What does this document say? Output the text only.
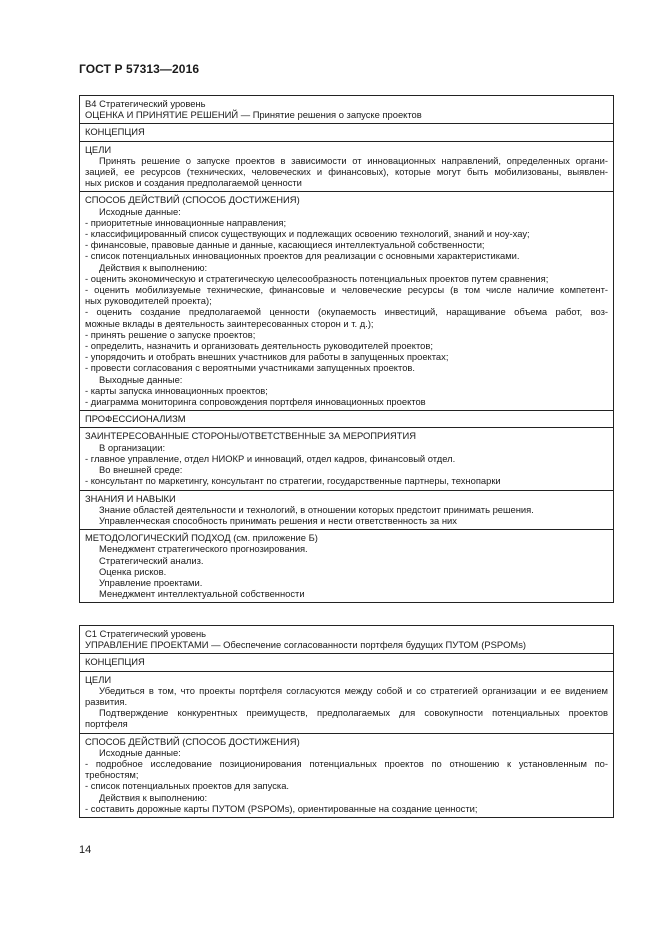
ГОСТ Р 57313—2016
В4 Стратегический уровень
ОЦЕНКА И ПРИНЯТИЕ РЕШЕНИЙ — Принятие решения о запуске проектов
КОНЦЕПЦИЯ
ЦЕЛИ
Принять решение о запуске проектов в зависимости от инновационных направлений, определенных органи-
зацией, ее ресурсов (технических, человеческих и финансовых), которые могут быть мобилизованы, выявлен-
ных рисков и создания предполагаемой ценности
СПОСОБ ДЕЙСТВИЙ (СПОСОБ ДОСТИЖЕНИЯ)
Исходные данные:
- приоритетные инновационные направления;
- классифицированный список существующих и подлежащих освоению технологий, знаний и ноу-хау;
- финансовые, правовые данные и данные, касающиеся интеллектуальной собственности;
- список потенциальных инновационных проектов для реализации с основными характеристиками.
Действия к выполнению:
- оценить экономическую и стратегическую целесообразность потенциальных проектов путем сравнения;
- оценить мобилизуемые технические, финансовые и человеческие ресурсы (в том числе наличие компетент-
ных руководителей проекта);
- оценить создание предполагаемой ценности (окупаемость инвестиций, наращивание объема работ, воз-
можные вклады в деятельность заинтересованных сторон и т. д.);
- принять решение о запуске проектов;
- определить, назначить и организовать деятельность руководителей проектов;
- упорядочить и отобрать внешних участников для работы в запущенных проектах;
- провести согласования с вероятными участниками запущенных проектов.
Выходные данные:
- карты запуска инновационных проектов;
- диаграмма мониторинга сопровождения портфеля инновационных проектов
ПРОФЕССИОНАЛИЗМ
ЗАИНТЕРЕСОВАННЫЕ СТОРОНЫ/ОТВЕТСТВЕННЫЕ ЗА МЕРОПРИЯТИЯ
В организации:
- главное управление, отдел НИОКР и инноваций, отдел кадров, финансовый отдел.
Во внешней среде:
- консультант по маркетингу, консультант по стратегии, государственные партнеры, технопарки
ЗНАНИЯ И НАВЫКИ
Знание областей деятельности и технологий, в отношении которых предстоит принимать решения.
Управленческая способность принимать решения и нести ответственность за них
МЕТОДОЛОГИЧЕСКИЙ ПОДХОД (см. приложение Б)
Менеджмент стратегического прогнозирования.
Стратегический анализ.
Оценка рисков.
Управление проектами.
Менеджмент интеллектуальной собственности
С1 Стратегический уровень
УПРАВЛЕНИЕ ПРОЕКТАМИ — Обеспечение согласованности портфеля будущих ПУТОМ (PSPOMs)
КОНЦЕПЦИЯ
ЦЕЛИ
Убедиться в том, что проекты портфеля согласуются между собой и со стратегией организации и ее видением
развития.
Подтверждение конкурентных преимуществ, предполагаемых для совокупности потенциальных проектов
портфеля
СПОСОБ ДЕЙСТВИЙ (СПОСОБ ДОСТИЖЕНИЯ)
Исходные данные:
- подробное исследование позиционирования потенциальных проектов по отношению к установленным по-
требностям;
- список потенциальных проектов для запуска.
Действия к выполнению:
- составить дорожные карты ПУТОМ (PSPOMs), ориентированные на создание ценности;
14
